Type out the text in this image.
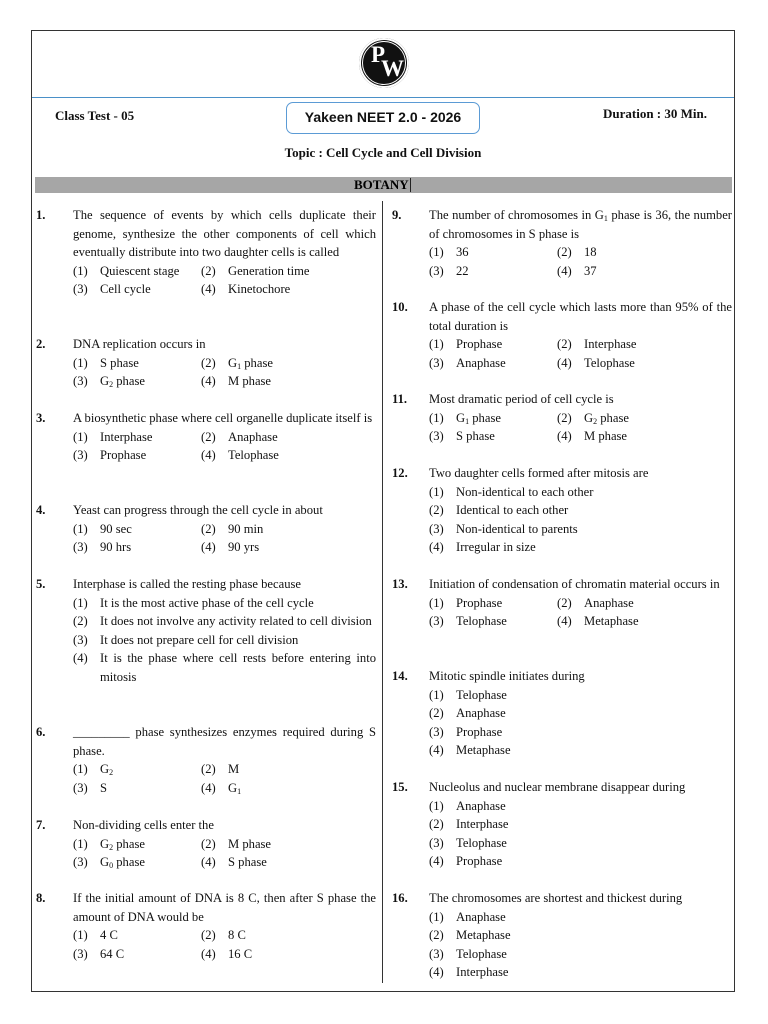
P
W
Class Test - 05	Yakeen NEET 2.0 - 2026	Duration : 30 Min.
Topic : Cell Cycle and Cell Division
BOTANY
1. The sequence of events by which cells duplicate their genome, synthesize the other components of cell which eventually distribute into two daughter cells is called
(1) Quiescent stage (2) Generation time
(3) Cell cycle	(4) Kinetochore
2. DNA replication occurs in
(1) S phase	(2) $G_1$ phase
(3) $G_2$ phase	(4) M phase
3. A biosynthetic phase where cell organelle duplicate itself is
(1) Interphase	(2) Anaphase
(3) Prophase	(4) Telophase
4. Yeast can progress through the cell cycle in about
(1) 90 sec	(2) 90 min
(3) 90 hrs	(4) 90 yrs
5. Interphase is called the resting phase because
(1) It is the most active phase of the cell cycle
(2) It does not involve any activity related to cell division
(3) It does not prepare cell for cell division
(4) It is the phase where cell rests before entering into mitosis
6. _________ phase synthesizes enzymes required during S phase.
(1) $G_2$	(2) M
(3) S	(4) $G_1$
7. Non-dividing cells enter the
(1) $G_2$ phase	(2) M phase
(3) $G_0$ phase	(4) S phase
8. If the initial amount of DNA is 8 C, then after S phase the amount of DNA would be
(1) 4 C	(2) 8 C
(3) 64 C	(4) 16 C
9. The number of chromosomes in $G_1$ phase is 36, the number of chromosomes in S phase is
(1) 36	(2) 18
(3) 22	(4) 37
10. A phase of the cell cycle which lasts more than 95% of the total duration is
(1) Prophase	(2) Interphase
(3) Anaphase	(4) Telophase
11. Most dramatic period of cell cycle is
(1) $G_1$ phase	(2) $G_2$ phase
(3) S phase	(4) M phase
12. Two daughter cells formed after mitosis are
(1) Non-identical to each other
(2) Identical to each other
(3) Non-identical to parents
(4) Irregular in size
13. Initiation of condensation of chromatin material occurs in
(1) Prophase	(2) Anaphase
(3) Telophase	(4) Metaphase
14. Mitotic spindle initiates during
(1) Telophase
(2) Anaphase
(3) Prophase
(4) Metaphase
15. Nucleolus and nuclear membrane disappear during
(1) Anaphase
(2) Interphase
(3) Telophase
(4) Prophase
16. The chromosomes are shortest and thickest during
(1) Anaphase
(2) Metaphase
(3) Telophase
(4) Interphase
